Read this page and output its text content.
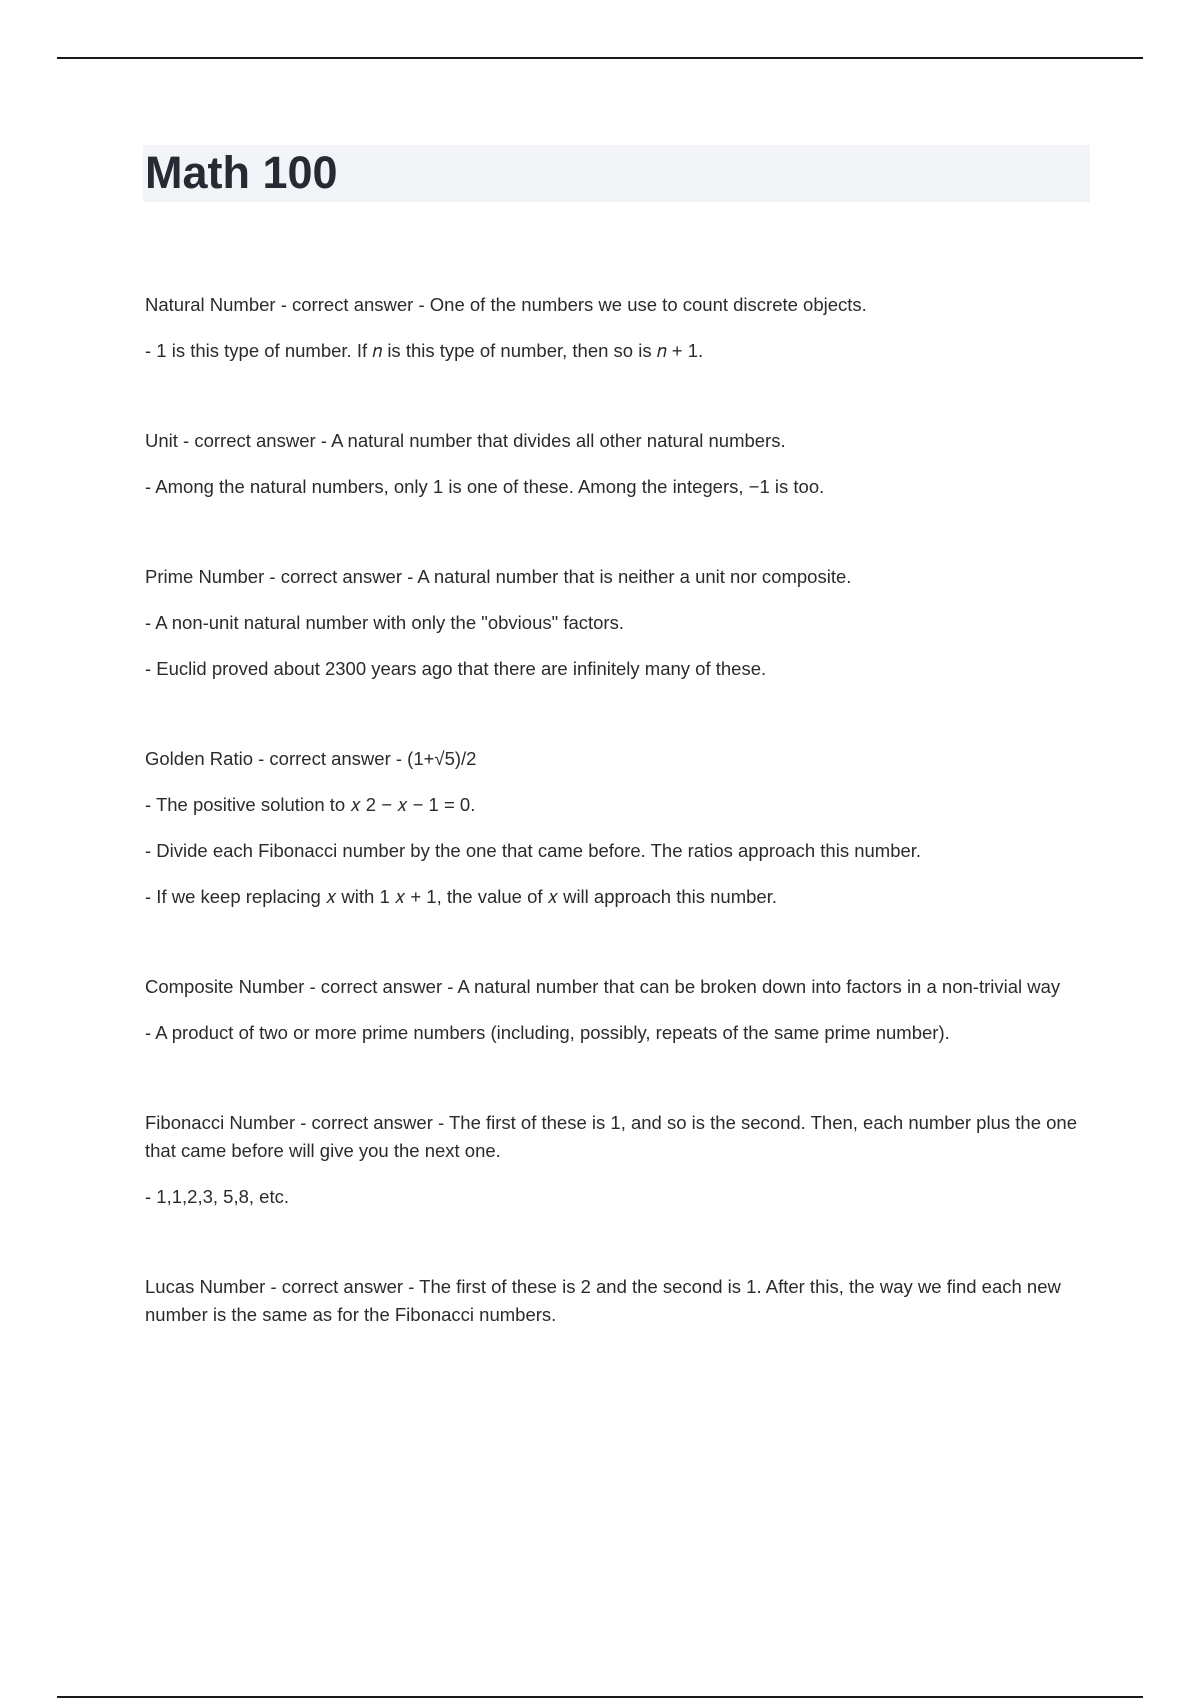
Math 100

Natural Number - correct answer - One of the numbers we use to count discrete objects.

- 1 is this type of number. If 𝑛 is this type of number, then so is 𝑛 + 1.

Unit - correct answer - A natural number that divides all other natural numbers.

- Among the natural numbers, only 1 is one of these. Among the integers, −1 is too.

Prime Number - correct answer - A natural number that is neither a unit nor composite.

- A non-unit natural number with only the "obvious" factors.

- Euclid proved about 2300 years ago that there are infinitely many of these.

Golden Ratio - correct answer - (1+√5)/2

- The positive solution to 𝑥 2 − 𝑥 − 1 = 0.

- Divide each Fibonacci number by the one that came before. The ratios approach this number.

- If we keep replacing 𝑥 with 1 𝑥 + 1, the value of 𝑥 will approach this number.

Composite Number - correct answer - A natural number that can be broken down into factors in a non-trivial way

- A product of two or more prime numbers (including, possibly, repeats of the same prime number).

Fibonacci Number - correct answer - The first of these is 1, and so is the second. Then, each number plus the one that came before will give you the next one.

- 1,1,2,3, 5,8, etc.

Lucas Number - correct answer - The first of these is 2 and the second is 1. After this, the way we find each new number is the same as for the Fibonacci numbers.
